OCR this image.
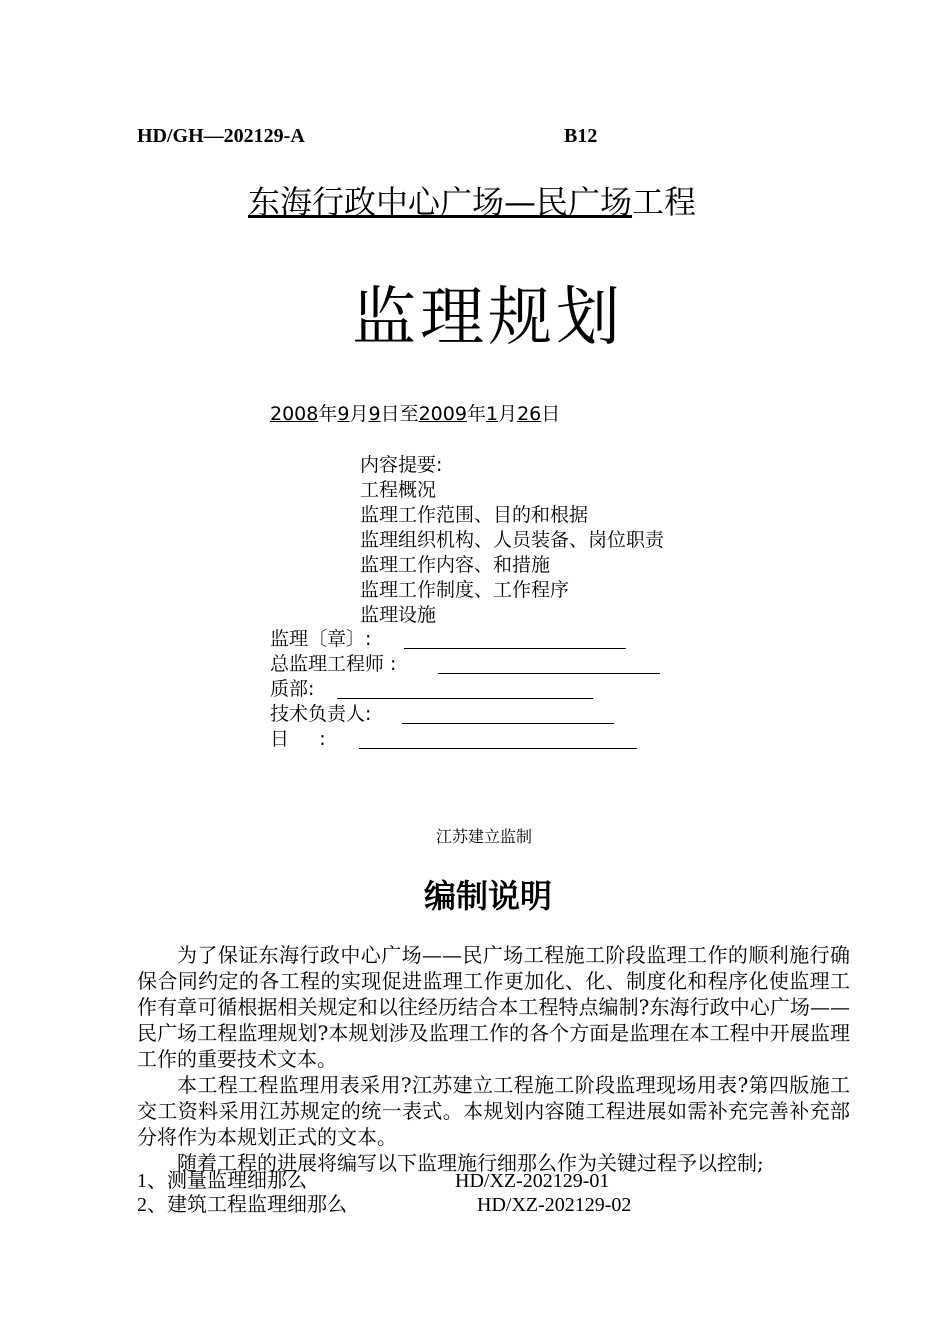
HD/GH—202129-A	B12
东海行政中心广场—民广场工程
监理规划
2008年9月9日至2009年1月26日
内容提要:
工程概况
监理工作范围、目的和根据
监理组织机构、人员装备、岗位职责
监理工作内容、和措施
监理工作制度、工作程序
监理设施
监理〔章〕:
总监理工程师 :
质部:
技术负责人:
日     :
江苏建立监制
编制说明

为了保证东海行政中心广场——民广场工程施工阶段监理工作的顺利施行确保合同约定的各工程的实现促进监理工作更加化、化、制度化和程序化使监理工作有章可循根据相关规定和以往经历结合本工程特点编制?东海行政中心广场——民广场工程监理规划?本规划涉及监理工作的各个方面是监理在本工程中开展监理工作的重要技术文本。

本工程工程监理用表采用?江苏建立工程施工阶段监理现场用表?第四版施工交工资料采用江苏规定的统一表式。本规划内容随工程进展如需补充完善补充部分将作为本规划正式的文本。

随着工程的进展将编写以下监理施行细那么作为关键过程予以控制;

1、测量监理细那么	HD/XZ-202129-01
2、建筑工程监理细那么	HD/XZ-202129-02
